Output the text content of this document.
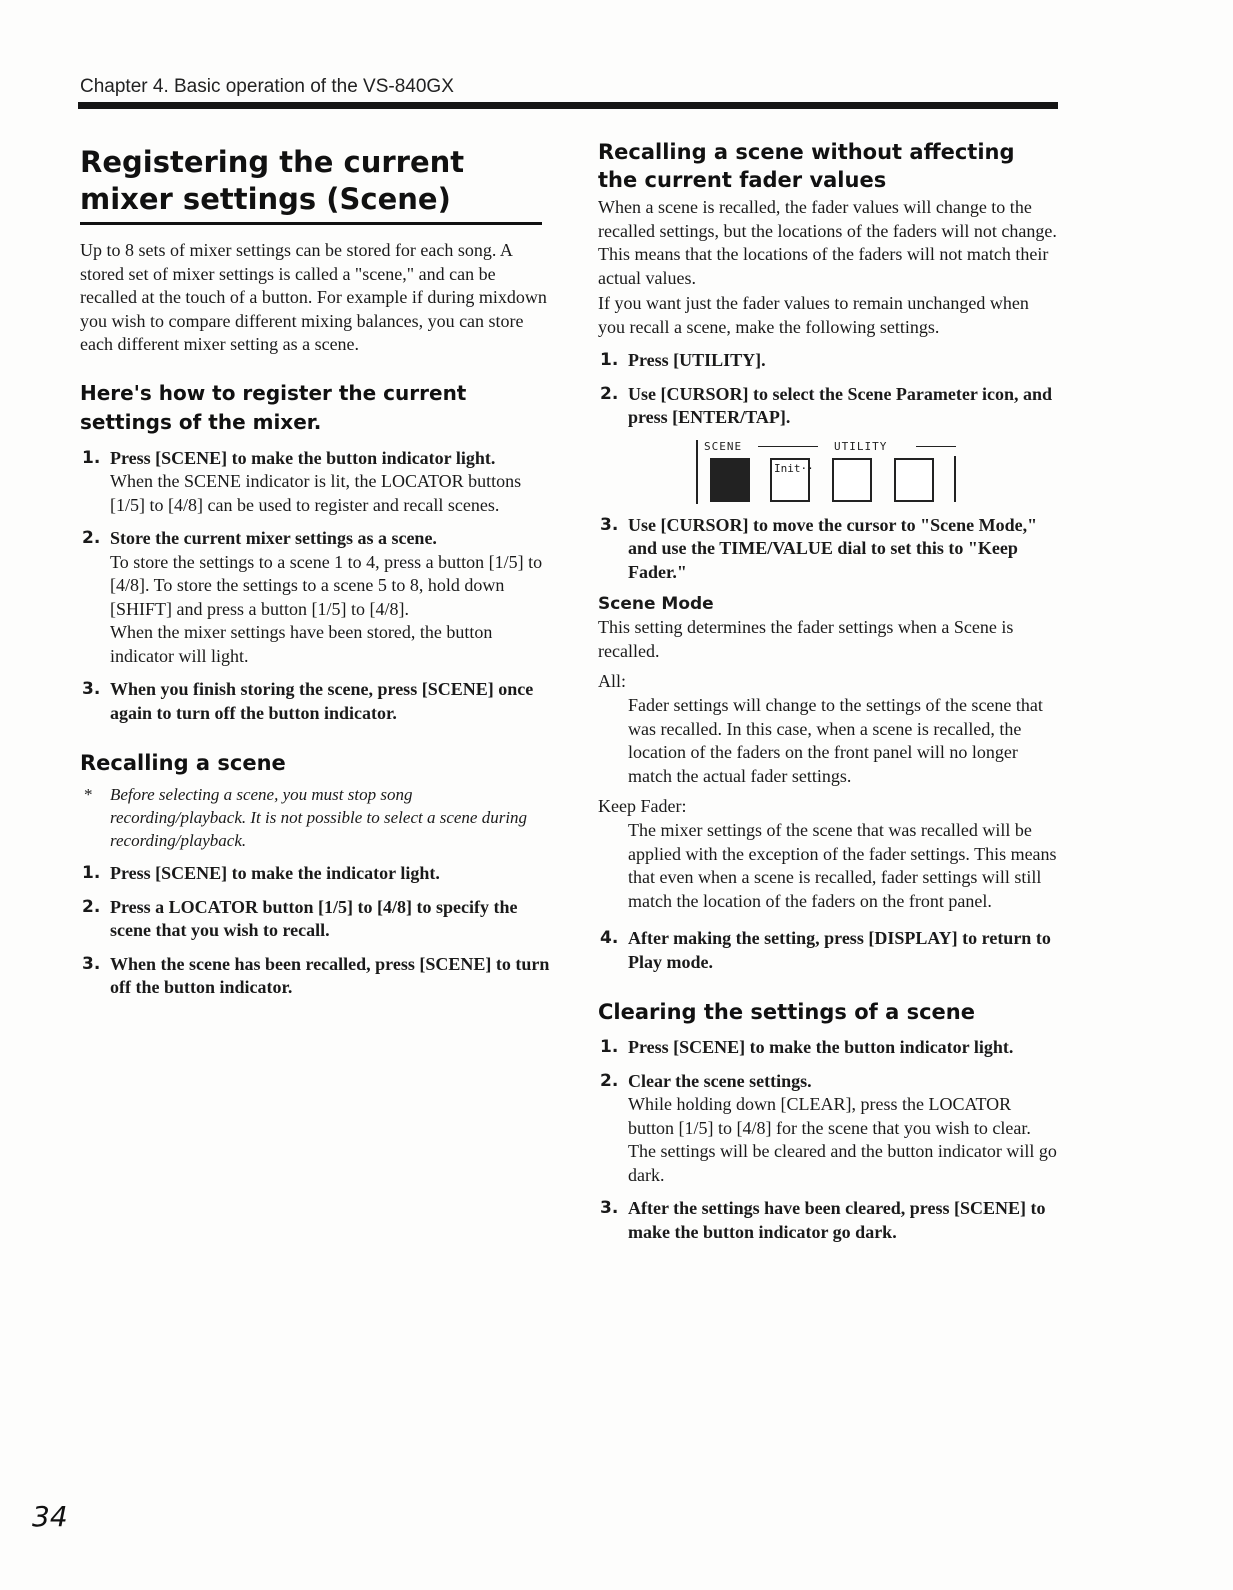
Chapter 4. Basic operation of the VS-840GX
Registering the current mixer settings (Scene)

Up to 8 sets of mixer settings can be stored for each song. A stored set of mixer settings is called a "scene," and can be recalled at the touch of a button. For example if during mixdown you wish to compare different mixing balances, you can store each different mixer setting as a scene.

Here's how to register the current settings of the mixer.
1. Press [SCENE] to make the button indicator light.
When the SCENE indicator is lit, the LOCATOR buttons [1/5] to [4/8] can be used to register and recall scenes.
2. Store the current mixer settings as a scene.
To store the settings to a scene 1 to 4, press a button [1/5] to [4/8]. To store the settings to a scene 5 to 8, hold down [SHIFT] and press a button [1/5] to [4/8].
When the mixer settings have been stored, the button indicator will light.
3. When you finish storing the scene, press [SCENE] once again to turn off the button indicator.
Recalling a scene

* Before selecting a scene, you must stop song recording/playback. It is not possible to select a scene during recording/playback.

1. Press [SCENE] to make the indicator light.
2. Press a LOCATOR button [1/5] to [4/8] to specify the scene that you wish to recall.
3. When the scene has been recalled, press [SCENE] to turn off the button indicator.
Recalling a scene without affecting the current fader values

When a scene is recalled, the fader values will change to the recalled settings, but the locations of the faders will not change. This means that the locations of the faders will not match their actual values.

If you want just the fader values to remain unchanged when you recall a scene, make the following settings.

1. Press [UTILITY].
2. Use [CURSOR] to select the Scene Parameter icon, and press [ENTER/TAP].
SCENE	UTILITY
Init··
3. Use [CURSOR] to move the cursor to "Scene Mode," and use the TIME/VALUE dial to set this to "Keep Fader."
Scene Mode

This setting determines the fader settings when a Scene is recalled.

All:
Fader settings will change to the settings of the scene that was recalled. In this case, when a scene is recalled, the location of the faders on the front panel will no longer match the actual fader settings.
Keep Fader:
The mixer settings of the scene that was recalled will be applied with the exception of the fader settings. This means that even when a scene is recalled, fader settings will still match the location of the faders on the front panel.
4. After making the setting, press [DISPLAY] to return to Play mode.
Clearing the settings of a scene
1. Press [SCENE] to make the button indicator light.
2. Clear the scene settings.
While holding down [CLEAR], press the LOCATOR button [1/5] to [4/8] for the scene that you wish to clear. The settings will be cleared and the button indicator will go dark.
3. After the settings have been cleared, press [SCENE] to make the button indicator go dark.
34
